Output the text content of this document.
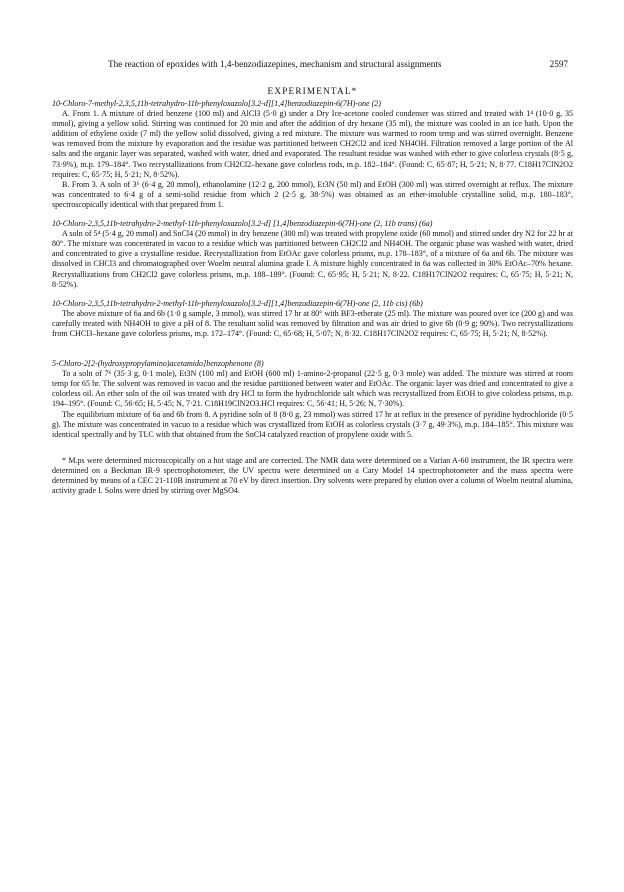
The reaction of epoxides with 1,4-benzodiazepines, mechanism and structural assignments	2597
EXPERIMENTAL*
10-Chloro-7-methyl-2,3,5,11b-tetrahydro-11b-phenyloxazolo[3.2-d][1,4]benzodiazepin-6(7H)-one (2)

A. From 1. A mixture of dried benzene (100 ml) and AlCl3 (5·0 g) under a Dry Ice-acetone cooled condenser was stirred and treated with 1⁴ (10·0 g, 35 mmol), giving a yellow solid. Stirring was continued for 20 min and after the addition of dry hexane (35 ml), the mixture was cooled in an ice bath. Upon the addition of ethylene oxide (7 ml) the yellow solid dissolved, giving a red mixture. The mixture was warmed to room temp and was stirred overnight. Benzene was removed from the mixture by evaporation and the residue was partitioned between CH2Cl2 and iced NH4OH. Filtration removed a large portion of the Al salts and the organic layer was separated, washed with water, dried and evaporated. The resultant residue was washed with ether to give colorless crystals (8·5 g, 73·9%), m.p. 179–184°. Two recrystallizations from CH2Cl2–hexane gave colorless rods, m.p. 182–184°. (Found: C, 65·87; H, 5·21; N, 8·77. C18H17ClN2O2 requires: C, 65·75; H, 5·21; N, 8·52%).

B. From 3. A soln of 3⁶ (6·4 g, 20 mmol), ethanolamine (12·2 g, 200 mmol), Et3N (50 ml) and EtOH (300 ml) was stirred overnight at reflux. The mixture was concentrated to 6·4 g of a semi-solid residue from which 2 (2·5 g, 38·5%) was obtained as an ether-insoluble crystalline solid, m.p. 180–183°, spectroscopically identical with that prepared from 1.

10-Chloro-2,3,5,11b-tetrahydro-2-methyl-11b-phenyloxazolo[3.2-d] [1,4]benzodiazepin-6(7H)-one (2, 11b trans) (6a)

A soln of 5⁴ (5·4 g, 20 mmol) and SnCl4 (20 mmol) in dry benzene (300 ml) was treated with propylene oxide (60 mmol) and stirred under dry N2 for 22 hr at 80°. The mixture was concentrated in vacuo to a residue which was partitioned between CH2Cl2 and NH4OH. The organic phase was washed with water, dried and concentrated to give a crystalline residue. Recrystallization from EtOAc gave colorless prisms, m.p. 178–183°, of a mixture of 6a and 6b. The mixture was dissolved in CHCl3 and chromatographed over Woelm neutral alumina grade I. A mixture highly concentrated in 6a was collected in 30% EtOAc–70% hexane. Recrystallizations from CH2Cl2 gave colorless prisms, m.p. 188–189°. (Found: C, 65·95; H, 5·21; N, 8·22. C18H17ClN2O2 requires: C, 65·75; H, 5·21; N, 8·52%).

10-Chloro-2,3,5,11b-tetrahydro-2-methyl-11b-phenyloxazolo[3.2-d][1,4]benzodiazepin-6(7H)-one (2, 11b cis) (6b)

The above mixture of 6a and 6b (1·0 g sample, 3 mmol), was stirred 17 hr at 80° with BF3-etherate (25 ml). The mixture was poured over ice (200 g) and was carefully treated with NH4OH to give a pH of 8. The resultant solid was removed by filtration and was air dried to give 6b (0·9 g; 90%). Two recrystallizations from CHCl3–hexane gave colorless prisms, m.p. 172–174°. (Found: C, 65·68; H, 5·07; N, 8·32. C18H17ClN2O2 requires: C, 65·75; H, 5·21; N, 8·52%).

5-Chloro-2[2-(hydroxypropylamino)acetamido]benzophenone (8)

To a soln of 7⁶ (35·3 g, 0·1 mole), Et3N (100 ml) and EtOH (600 ml) 1-amino-2-propanol (22·5 g, 0·3 mole) was added. The mixture was stirred at room temp for 65 hr. The solvent was removed in vacuo and the residue partitioned between water and EtOAc. The organic layer was dried and concentrated to give a colorless oil. An ether soln of the oil was treated with dry HCl to form the hydrochloride salt which was recrystallized from EtOH to give colorless prisms, m.p. 194–195°. (Found: C, 56·65; H, 5·45; N, 7·21. C18H19ClN2O3.HCl requires: C, 56·41; H, 5·26; N, 7·30%).

The equilibrium mixture of 6a and 6b from 8. A pyridine soln of 8 (8·0 g, 23 mmol) was stirred 17 hr at reflux in the presence of pyridine hydrochloride (0·5 g). The mixture was concentrated in vacuo to a residue which was crystallized from EtOH as colorless crystals (3·7 g, 49·3%), m.p. 184–185°. This mixture was identical spectrally and by TLC with that obtained from the SnCl4 catalyzed reaction of propylene oxide with 5.

* M.ps were determined microscopically on a hot stage and are corrected. The NMR data were determined on a Varian A-60 instrument, the IR spectra were determined on a Beckman IR-9 spectrophotometer, the UV spectra were determined on a Cary Model 14 spectrophotometer and the mass spectra were determined by means of a CEC 21-110B instrument at 70 eV by direct insertion. Dry solvents were prepared by elution over a column of Woelm neutral alumina, activity grade I. Solns were dried by stirring over MgSO4.
